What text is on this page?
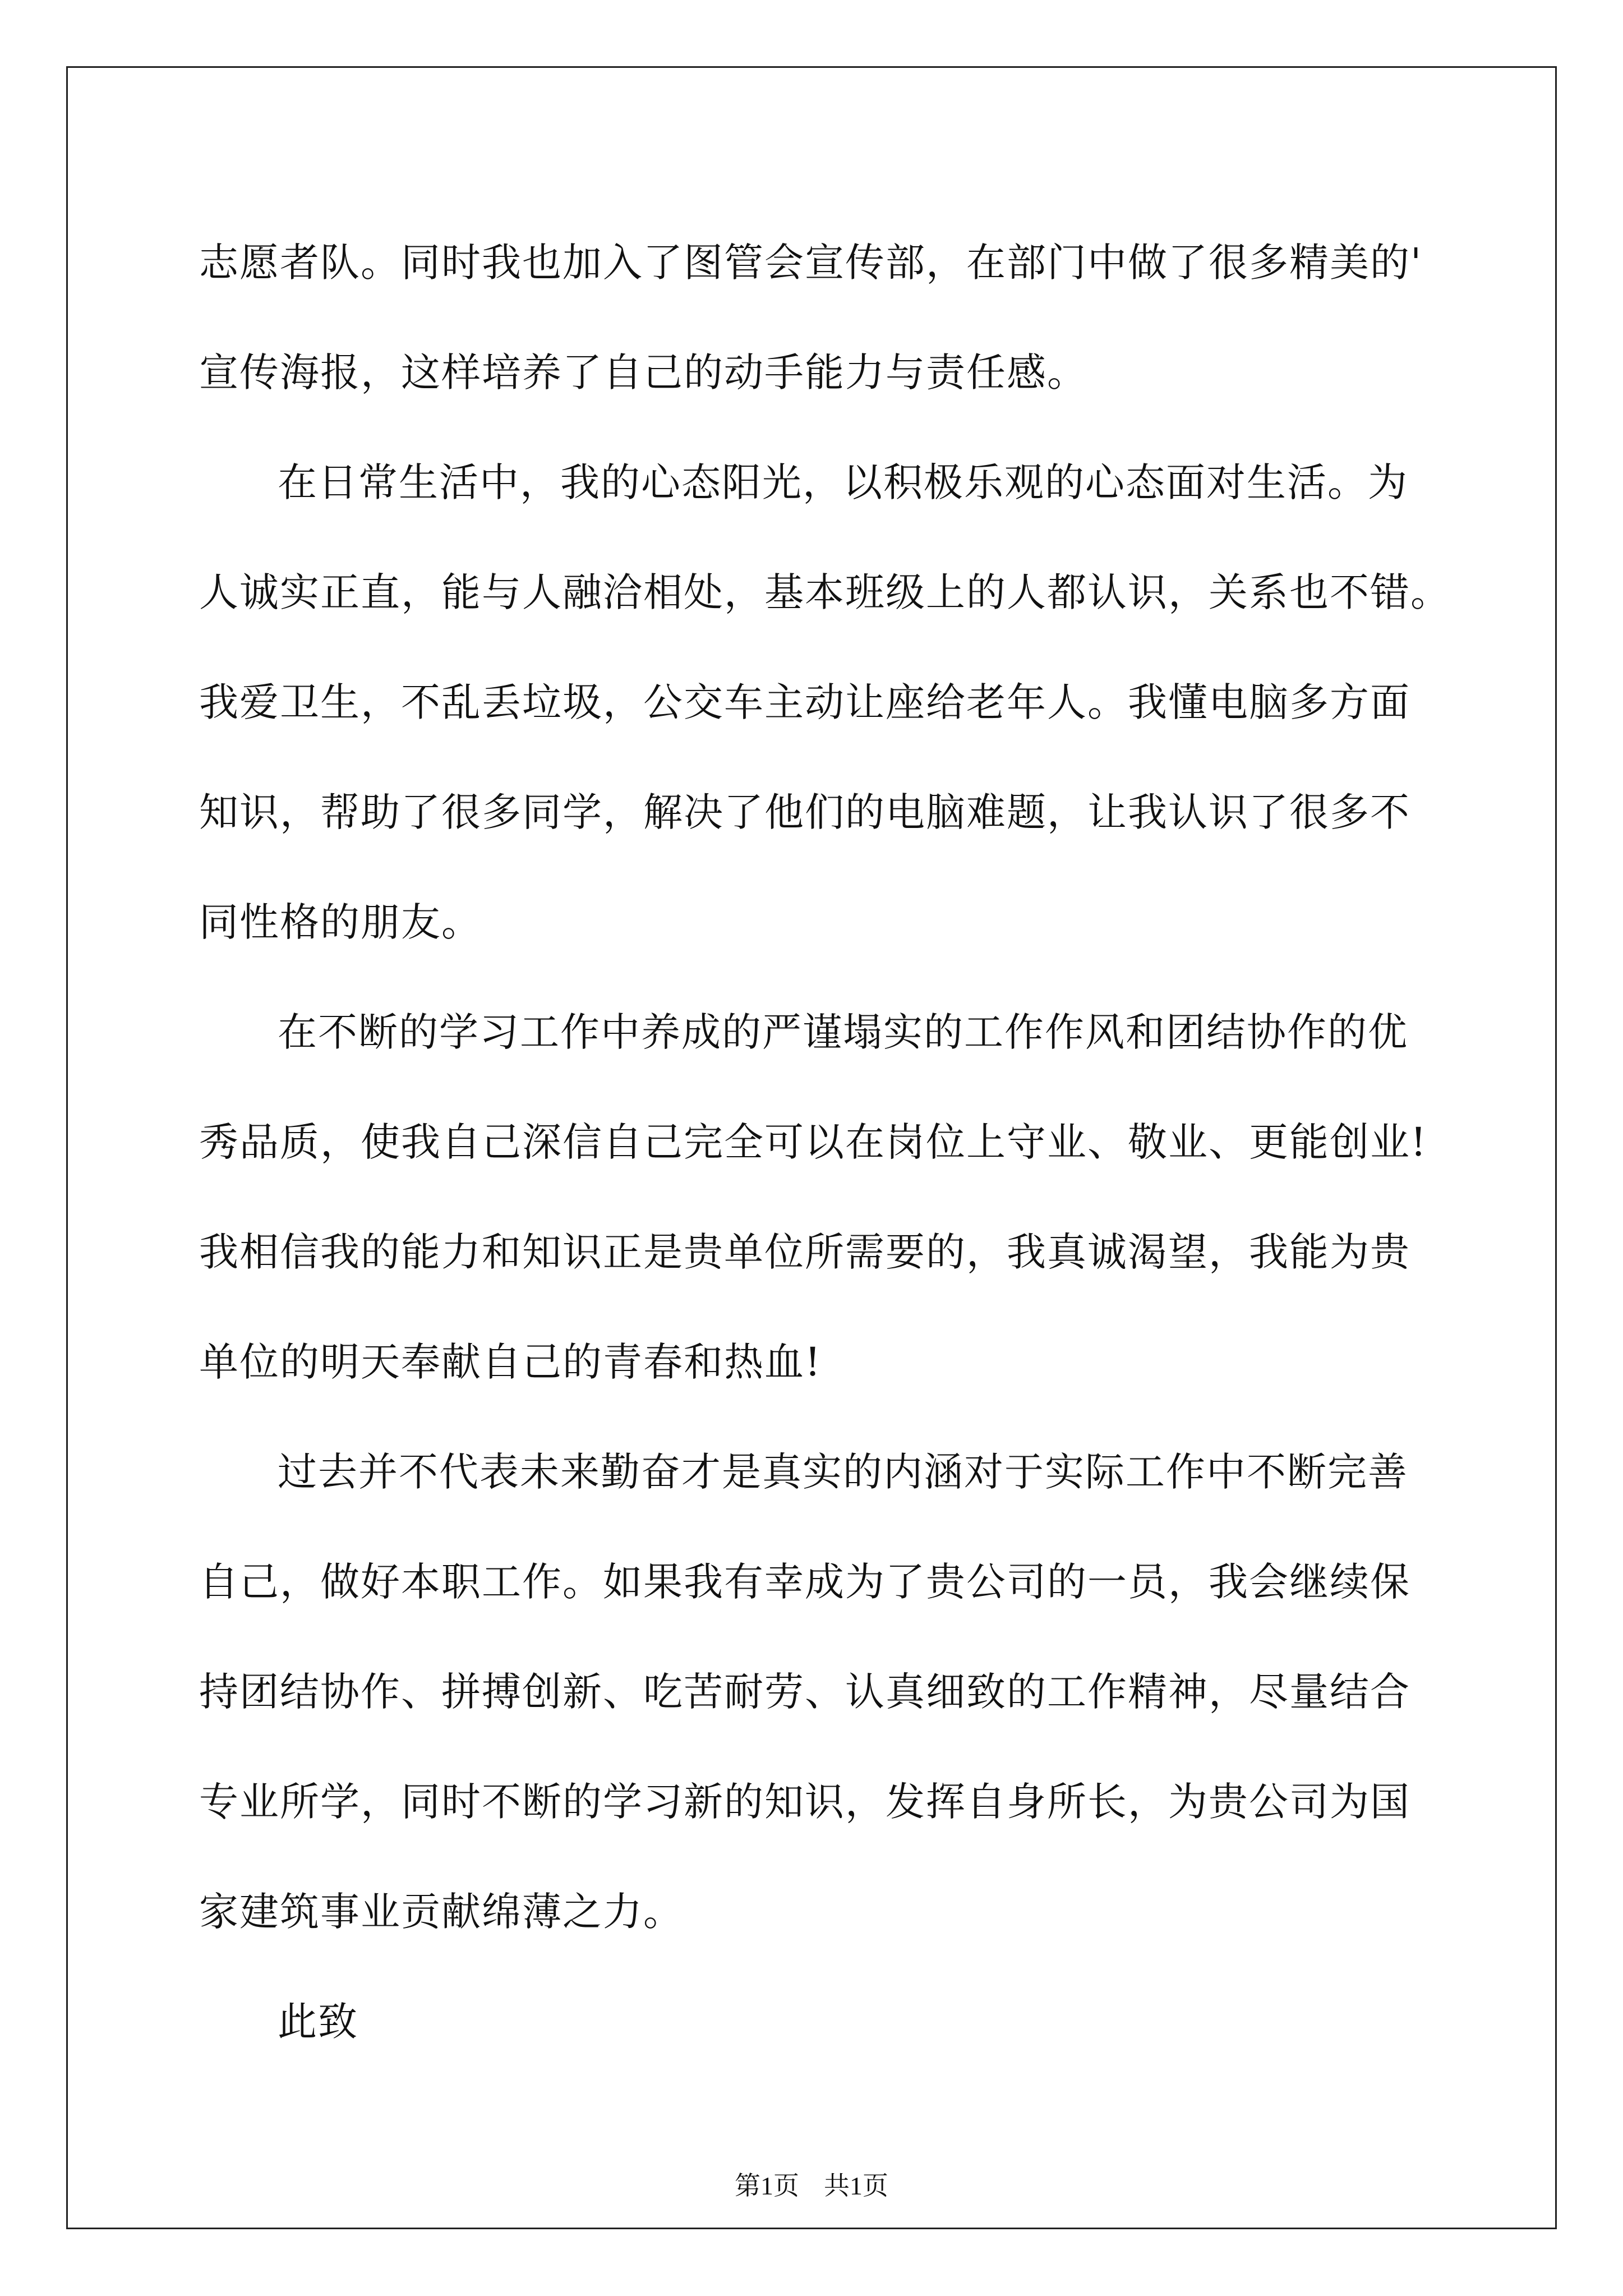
志愿者队。同时我也加入了图管会宣传部，在部门中做了很多精美的'
宣传海报，这样培养了自己的动手能力与责任感。
在日常生活中，我的心态阳光，以积极乐观的心态面对生活。为
人诚实正直，能与人融洽相处，基本班级上的人都认识，关系也不错。
我爱卫生，不乱丢垃圾，公交车主动让座给老年人。我懂电脑多方面
知识，帮助了很多同学，解决了他们的电脑难题，让我认识了很多不
同性格的朋友。
在不断的学习工作中养成的严谨塌实的工作作风和团结协作的优
秀品质，使我自己深信自己完全可以在岗位上守业、敬业、更能创业!
我相信我的能力和知识正是贵单位所需要的，我真诚渴望，我能为贵
单位的明天奉献自己的青春和热血!
过去并不代表未来勤奋才是真实的内涵对于实际工作中不断完善
自己，做好本职工作。如果我有幸成为了贵公司的一员，我会继续保
持团结协作、拼搏创新、吃苦耐劳、认真细致的工作精神，尽量结合
专业所学，同时不断的学习新的知识，发挥自身所长，为贵公司为国
家建筑事业贡献绵薄之力。
此致
第1页 共1页
